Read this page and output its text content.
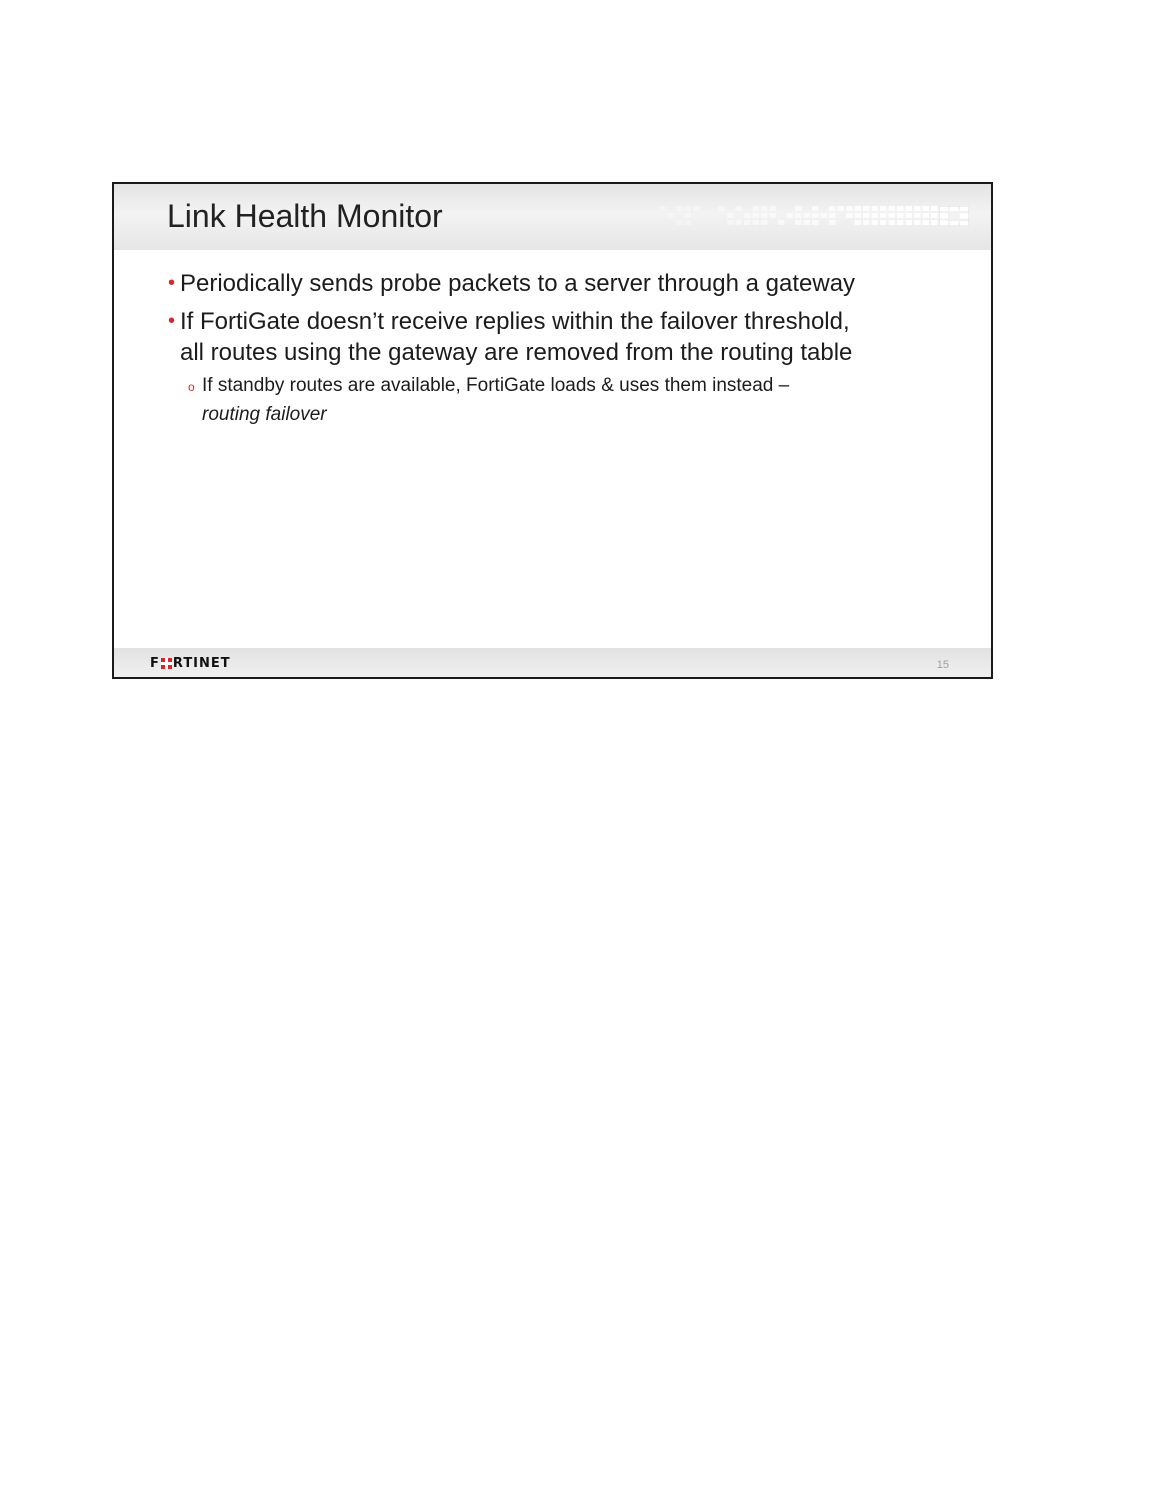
Link Health Monitor
• Periodically sends probe packets to a server through a gateway
• If FortiGate doesn’t receive replies within the failover threshold,
all routes using the gateway are removed from the routing table
o If standby routes are available, FortiGate loads & uses them instead –
routing failover
F RTINET	15
